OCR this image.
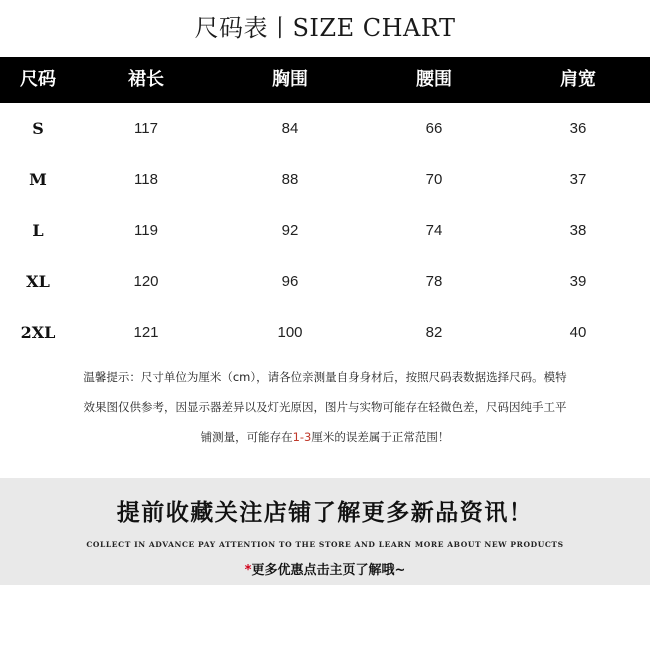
尺码表丨SIZE CHART
尺码	裙长	胸围	腰围	肩宽
S	117	84	66	36
M	118	88	70	37
L	119	92	74	38
XL	120	96	78	39
2XL	121	100	82	40
温馨提示：尺寸单位为厘米（cm），请各位亲测量自身身材后，按照尺码表数据选择尺码。模特
效果图仅供参考，因显示器差异以及灯光原因，图片与实物可能存在轻微色差，尺码因纯手工平
铺测量，可能存在1-3厘米的误差属于正常范围！
提前收藏关注店铺了解更多新品资讯！
COLLECT IN ADVANCE PAY ATTENTION TO THE STORE AND LEARN MORE ABOUT NEW PRODUCTS
*更多优惠点击主页了解哦~
